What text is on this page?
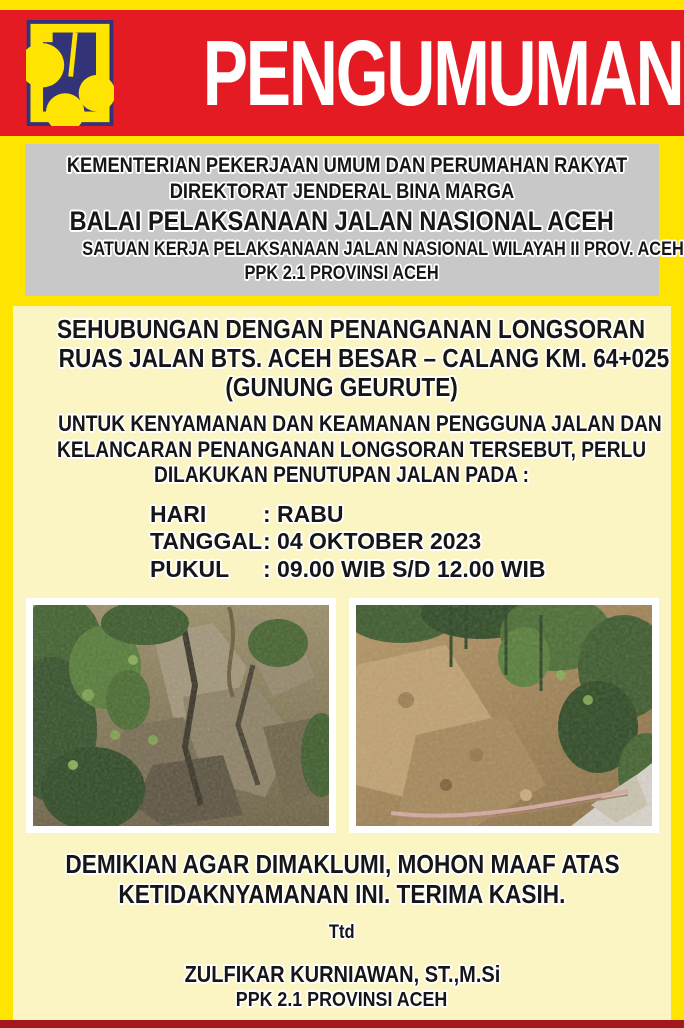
PENGUMUMAN
KEMENTERIAN PEKERJAAN UMUM DAN PERUMAHAN RAKYAT
DIREKTORAT JENDERAL BINA MARGA
BALAI PELAKSANAAN JALAN NASIONAL ACEH
SATUAN KERJA PELAKSANAAN JALAN NASIONAL WILAYAH II PROV. ACEH
PPK 2.1 PROVINSI ACEH
SEHUBUNGAN DENGAN PENANGANAN LONGSORAN
RUAS JALAN BTS. ACEH BESAR – CALANG KM. 64+025
(GUNUNG GEURUTE)
UNTUK KENYAMANAN DAN KEAMANAN PENGGUNA JALAN DAN
KELANCARAN PENANGANAN LONGSORAN TERSEBUT, PERLU
DILAKUKAN PENUTUPAN JALAN PADA :
HARI : RABU
TANGGAL: 04 OKTOBER 2023
PUKUL : 09.00 WIB S/D 12.00 WIB
DEMIKIAN AGAR DIMAKLUMI, MOHON MAAF ATAS
KETIDAKNYAMANAN INI. TERIMA KASIH.
Ttd
ZULFIKAR KURNIAWAN, ST.,M.Si
PPK 2.1 PROVINSI ACEH
